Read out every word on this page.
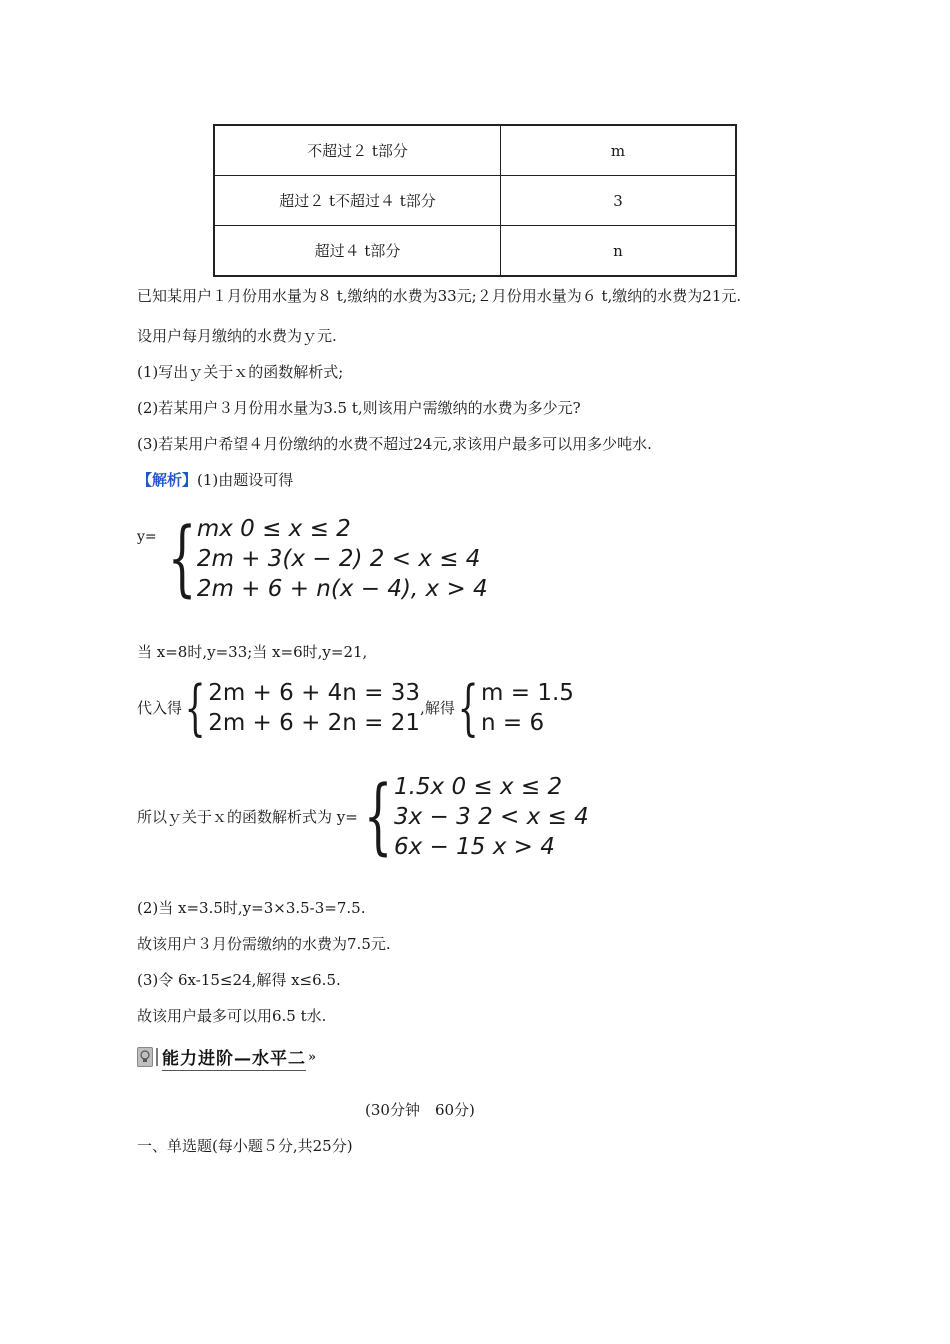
不超过２ t部分	m
超过２ t不超过４ t部分	3
超过４ t部分	n
已知某用户１月份用水量为８ t,缴纳的水费为33元;２月份用水量为６ t,缴纳的水费为21元.
设用户每月缴纳的水费为ｙ元.
(1)写出ｙ关于ｘ的函数解析式;
(2)若某用户３月份用水量为3.5 t,则该用户需缴纳的水费为多少元?
(3)若某用户希望４月份缴纳的水费不超过24元,求该用户最多可以用多少吨水.
【解析】(1)由题设可得
y= { mx 0 ≤ x ≤ 2
2m + 3(x − 2) 2 < x ≤ 4
2m + 6 + n(x − 4), x > 4
当 x=8时,y=33;当 x=6时,y=21,
代入得 { 2m + 6 + 4n = 33
2m + 6 + 2n = 21
,解得 { m = 1.5
n = 6
所以ｙ关于ｘ的函数解析式为 y= { 1.5x 0 ≤ x ≤ 2
3x − 3 2 < x ≤ 4
6x − 15 x > 4
(2)当 x=3.5时,y=3×3.5-3=7.5.
故该用户３月份需缴纳的水费为7.5元.
(3)令 6x-15≤24,解得 x≤6.5.
故该用户最多可以用6.5 t水.
能力进阶—水平二 »
(30分钟　60分)
一、单选题(每小题５分,共25分)
